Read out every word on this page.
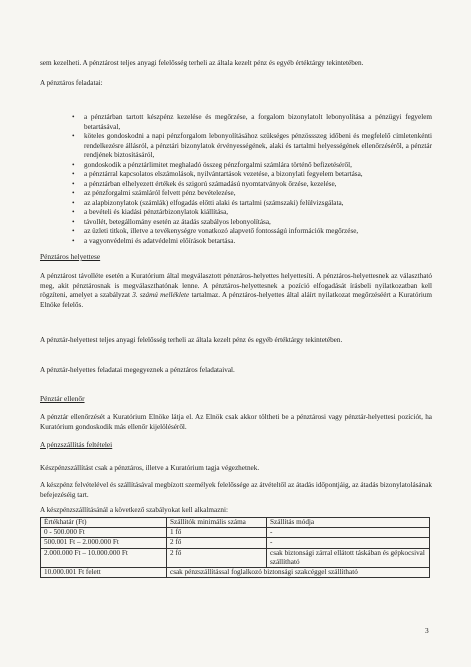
sem kezelheti. A pénztárost teljes anyagi felelősség terheli az általa kezelt pénz és egyéb értéktárgy tekintetében.

A pénztáros feladatai:

• a pénztárban tartott készpénz kezelése és megőrzése, a forgalom bizonylatolt lebonyolítása a pénzügyi fegyelem betartásával,
• köteles gondoskodni a napi pénzforgalom lebonyolításához szükséges pénzössszeg időbeni és megfelelő címletenkénti rendelkezésre állásról, a pénztári bizonylatok érvényességének, alaki és tartalmi helyességének ellenőrzéséről, a pénztár rendjének biztosításáról,
• gondoskodik a pénztárlimitet meghaladó összeg pénzforgalmi számlára történő befizetéséről,
• a pénztárral kapcsolatos elszámolások, nyilvántartások vezetése, a bizonylati fegyelem betartása,
• a pénztárban elhelyezett értékek és szigorú számadású nyomtatványok őrzése, kezelése,
• az pénzforgalmi számláról felvett pénz bevételezése,
• az alapbizonylatok (számlák) elfogadás előtti alaki és tartalmi (számszaki) felülvizsgálata,
• a bevételi és kiadási pénztárbizonylatok kiállítása,
• távollét, betegállomány esetén az átadás szabályos lebonyolítása,
• az üzleti titkok, illetve a tevékenységre vonatkozó alapvető fontosságú információk megőrzése,
• a vagyonvédelmi és adatvédelmi előírások betartása.

Pénztáros helyettese

A pénztárost távolléte esetén a Kuratórium által megválasztott pénztáros-helyettes helyettesíti. A pénztáros-helyettesnek az választható meg, akit pénztárosnak is megválaszthatónak lenne. A pénztáros-helyettesnek a pozíció elfogadását írásbeli nyilatkozatban kell rögzíteni, amelyet a szabályzat 3. számú melléklete tartalmaz. A pénztáros-helyettes által aláírt nyilatkozat megőrzéséért a Kuratórium Elnöke felelős.

A pénztár-helyettest teljes anyagi felelősség terheli az általa kezelt pénz és egyéb értéktárgy tekintetében.

A pénztár-helyettes feladatai megegyeznek a pénztáros feladataival.

Pénztár ellenőr

A pénztár ellenőrzését a Kuratórium Elnöke látja el. Az Elnök csak akkor töltheti be a pénztárosi vagy pénztár-helyettesi pozíciót, ha Kuratórium gondoskodik más ellenőr kijelöléséről.

A pénzszállítás feltételei

Készpénzszállítást csak a pénztáros, illetve a Kuratórium tagja végezhetnek.

A készpénz felvételével és szállításával megbízott személyek felelőssége az átvételtől az átadás időpontjáig, az átadás bizonylatolásának befejezéséig tart.

A készpénzszállításánál a következő szabályokat kell alkalmazni:

Értékhatár (Ft)	Szállítók minimális száma	Szállítás módja
0 - 500.000 Ft	1 fő	-
500.001 Ft – 2.000.000 Ft	2 fő	-
2.000.000 Ft – 10.000.000 Ft	2 fő	csak biztonsági zárral ellátott táskában és gépkocsival szállítható
10.000.001 Ft felett	csak pénzszállítással foglalkozó biztonsági szakcéggel szállítható	
3
